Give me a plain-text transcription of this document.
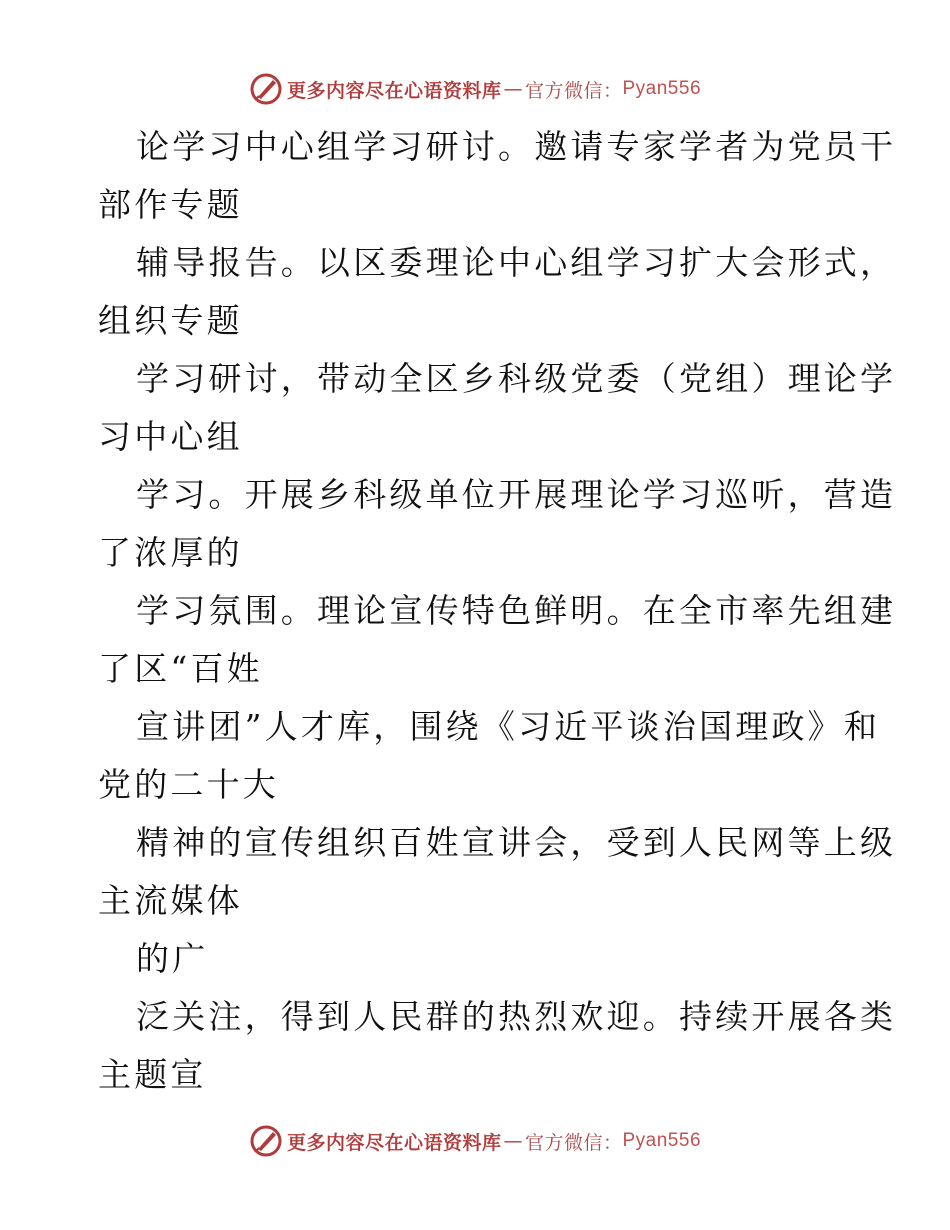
更多内容尽在心语资料库 — 官方微信： Pyan556
论学习中心组学习研讨。邀请专家学者为党员干
部作专题
辅导报告。以区委理论中心组学习扩大会形式，
组织专题
学习研讨，带动全区乡科级党委（党组）理论学
习中心组
学习。开展乡科级单位开展理论学习巡听，营造
了浓厚的
学习氛围。理论宣传特色鲜明。在全市率先组建
了区“百姓
宣讲团”人才库，围绕《习近平谈治国理政》和
党的二十大
精神的宣传组织百姓宣讲会，受到人民网等上级
主流媒体
的广
泛关注，得到人民群的热烈欢迎。持续开展各类
主题宣
更多内容尽在心语资料库 — 官方微信： Pyan556
